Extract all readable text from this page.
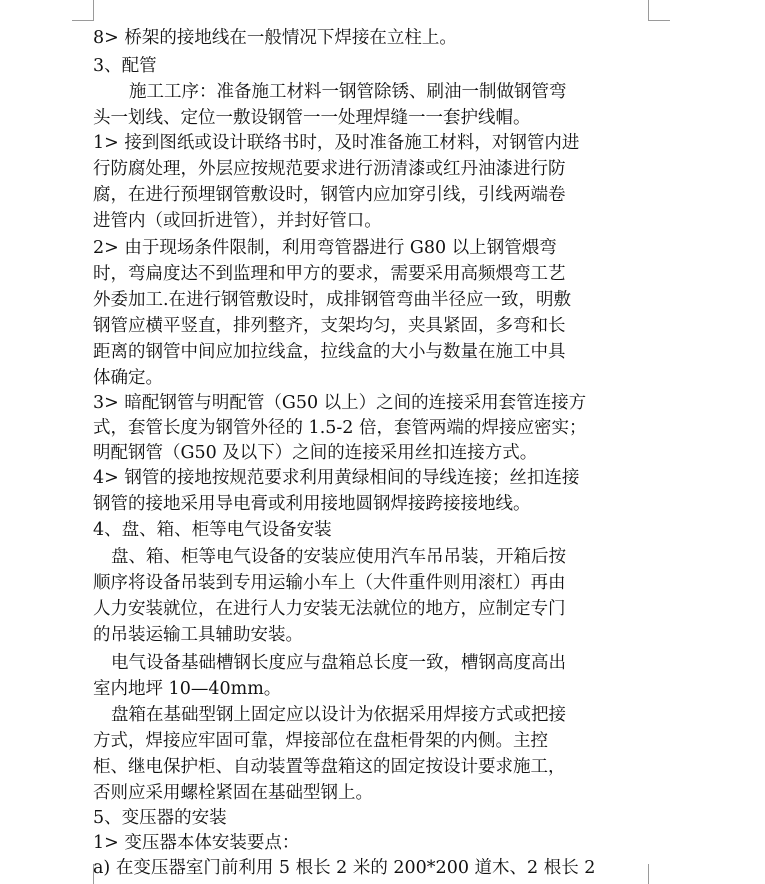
8> 桥架的接地线在一般情况下焊接在立柱上。
3、配管
施工工序：准备施工材料一钢管除锈、刷油一制做钢管弯
头一划线、定位一敷设钢管一一处理焊缝一一套护线帽。
1> 接到图纸或设计联络书时，及时准备施工材料，对钢管内进
行防腐处理，外层应按规范要求进行沥清漆或红丹油漆进行防
腐，在进行预埋钢管敷设时，钢管内应加穿引线，引线两端卷
进管内（或回折进管），并封好管口。
2> 由于现场条件限制，利用弯管器进行 G80 以上钢管煨弯
时，弯扁度达不到监理和甲方的要求，需要采用高频煨弯工艺
外委加工.在进行钢管敷设时，成排钢管弯曲半径应一致，明敷
钢管应横平竖直，排列整齐，支架均匀，夹具紧固，多弯和长
距离的钢管中间应加拉线盒，拉线盒的大小与数量在施工中具
体确定。
3> 暗配钢管与明配管（G50 以上）之间的连接采用套管连接方
式，套管长度为钢管外径的 1.5-2 倍，套管两端的焊接应密实；
明配钢管（G50 及以下）之间的连接采用丝扣连接方式。
4> 钢管的接地按规范要求利用黄绿相间的导线连接；丝扣连接
钢管的接地采用导电膏或利用接地圆钢焊接跨接接地线。
4、盘、箱、柜等电气设备安装
盘、箱、柜等电气设备的安装应使用汽车吊吊装，开箱后按
顺序将设备吊装到专用运输小车上（大件重件则用滚杠）再由
人力安装就位，在进行人力安装无法就位的地方，应制定专门
的吊装运输工具辅助安装。
电气设备基础槽钢长度应与盘箱总长度一致，槽钢高度高出
室内地坪 10—40mm。
盘箱在基础型钢上固定应以设计为依据采用焊接方式或把接
方式，焊接应牢固可靠，焊接部位在盘柜骨架的内侧。主控
柜、继电保护柜、自动装置等盘箱这的固定按设计要求施工，
否则应采用螺栓紧固在基础型钢上。
5、变压器的安装
1> 变压器本体安装要点：
a) 在变压器室门前利用 5 根长 2 米的 200*200 道木、2 根长 2
